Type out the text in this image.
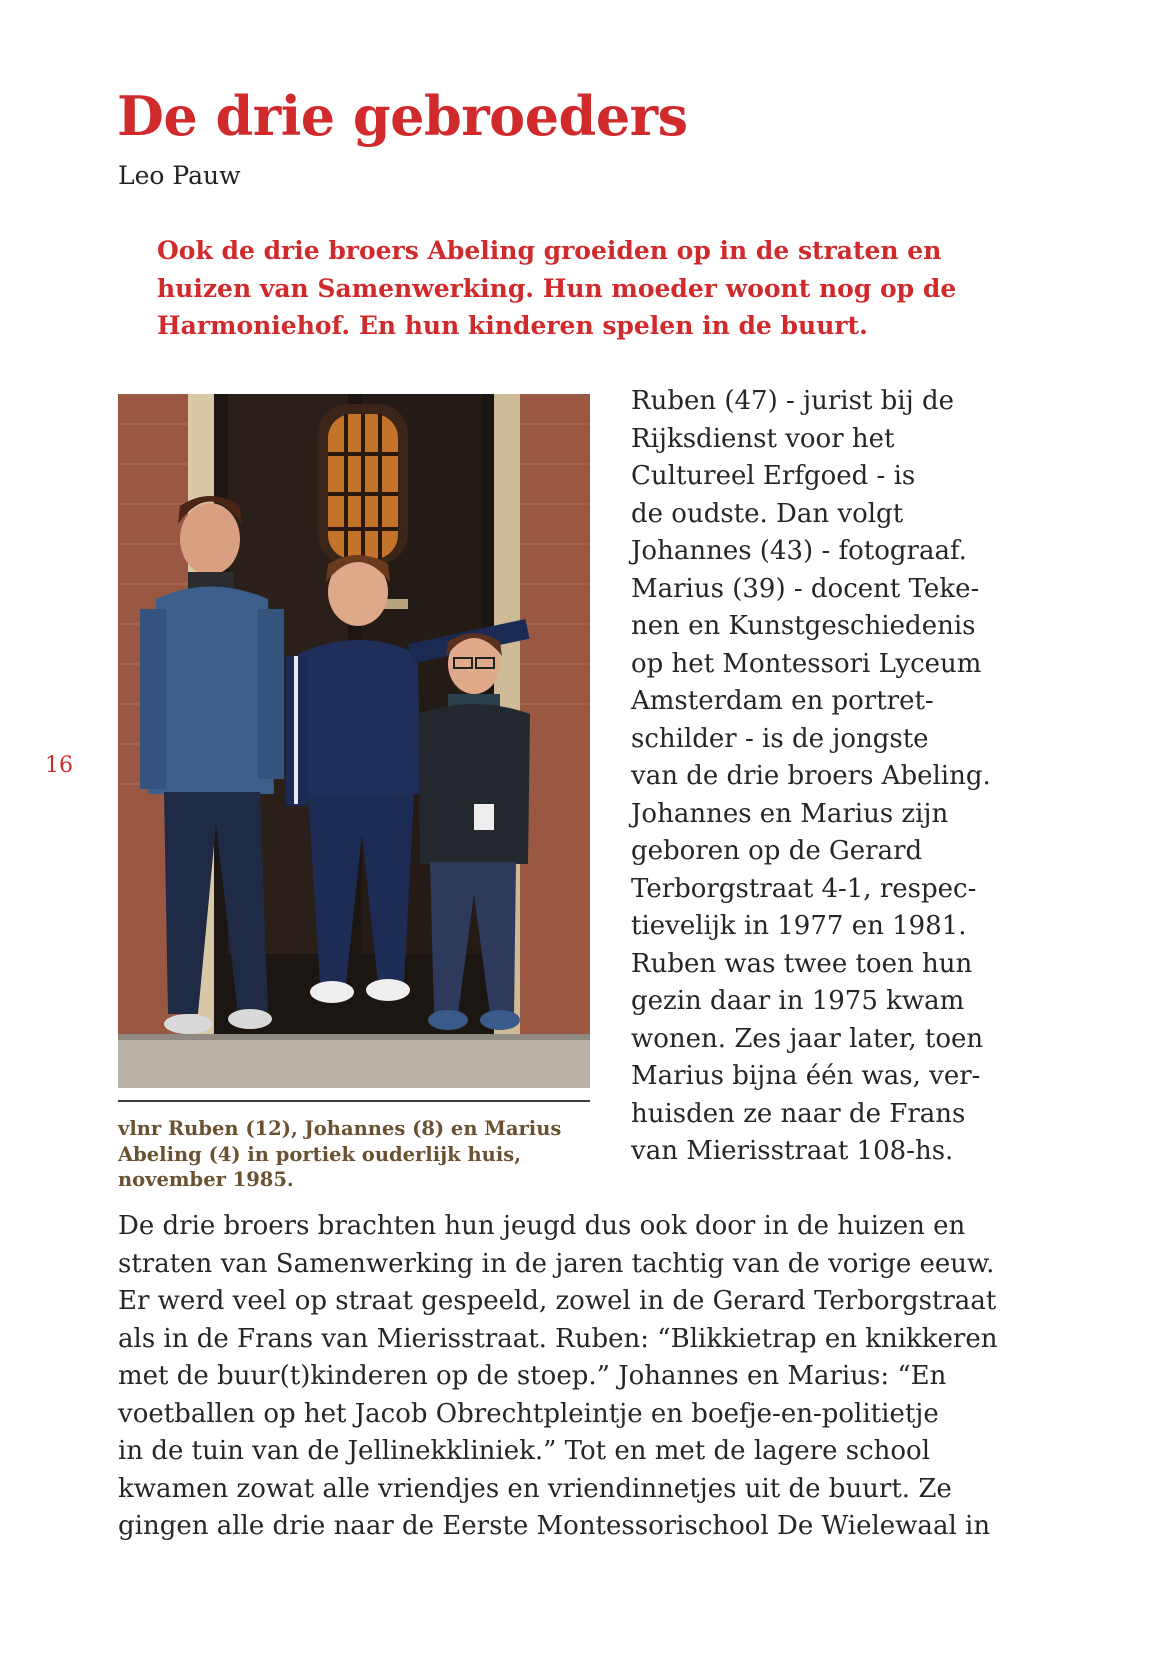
De drie gebroeders
Leo Pauw

Ook de drie broers Abeling groeiden op in de straten en
huizen van Samenwerking. Hun moeder woont nog op de
Harmoniehof. En hun kinderen spelen in de buurt.

16

vlnr Ruben (12), Johannes (8) en Marius
Abeling (4) in portiek ouderlijk huis,
november 1985.

Ruben (47) - jurist bij de
Rijksdienst voor het
Cultureel Erfgoed - is
de oudste. Dan volgt
Johannes (43) - fotograaf.
Marius (39) - docent Teke-
nen en Kunstgeschiedenis
op het Montessori Lyceum
Amsterdam en portret-
schilder - is de jongste
van de drie broers Abeling.
Johannes en Marius zijn
geboren op de Gerard
Terborgstraat 4-1, respec-
tievelijk in 1977 en 1981.
Ruben was twee toen hun
gezin daar in 1975 kwam
wonen. Zes jaar later, toen
Marius bijna één was, ver-
huisden ze naar de Frans
van Mierisstraat 108-hs.

De drie broers brachten hun jeugd dus ook door in de huizen en
straten van Samenwerking in de jaren tachtig van de vorige eeuw.
Er werd veel op straat gespeeld, zowel in de Gerard Terborgstraat
als in de Frans van Mierisstraat. Ruben: “Blikkietrap en knikkeren
met de buur(t)kinderen op de stoep.” Johannes en Marius: “En
voetballen op het Jacob Obrechtpleintje en boefje-en-politietje
in de tuin van de Jellinekkliniek.” Tot en met de lagere school
kwamen zowat alle vriendjes en vriendinnetjes uit de buurt. Ze
gingen alle drie naar de Eerste Montessorischool De Wielewaal in
